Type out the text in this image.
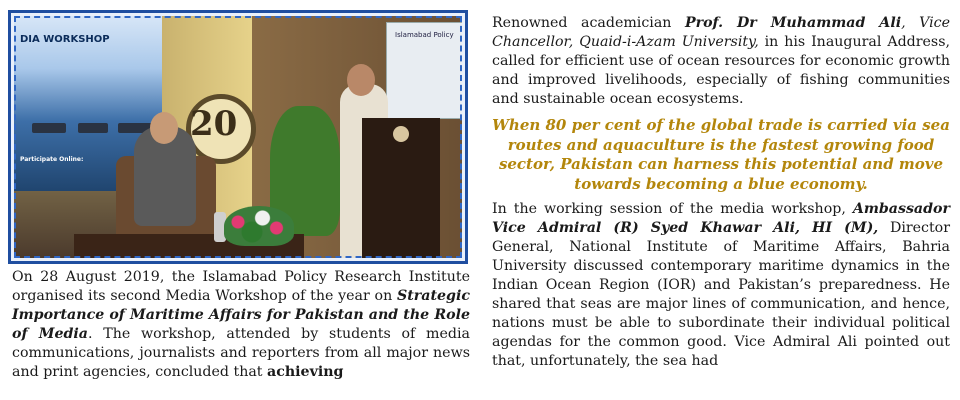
DIA WORKSHOP
Participate Online:
Islamabad Policy
20

On 28 August 2019, the Islamabad Policy Research Institute organised its second Media Workshop of the year on Strategic Importance of Maritime Affairs for Pakistan and the Role of Media. The workshop, attended by students of media communications, journalists and reporters from all major news and print agencies, concluded that achieving

Renowned academician Prof. Dr Muhammad Ali, Vice Chancellor, Quaid-i-Azam University, in his Inaugural Address, called for efficient use of ocean resources for economic growth and improved livelihoods, especially of fishing communities and sustainable ocean ecosystems.

When 80 per cent of the global trade is carried via sea routes and aquaculture is the fastest growing food sector, Pakistan can harness this potential and move towards becoming a blue economy.

In the working session of the media workshop, Ambassador Vice Admiral (R) Syed Khawar Ali, HI (M), Director General, National Institute of Maritime Affairs, Bahria University discussed contemporary maritime dynamics in the Indian Ocean Region (IOR) and Pakistan’s preparedness. He shared that seas are major lines of communication, and hence, nations must be able to subordinate their individual political agendas for the common good. Vice Admiral Ali pointed out that, unfortunately, the sea had
